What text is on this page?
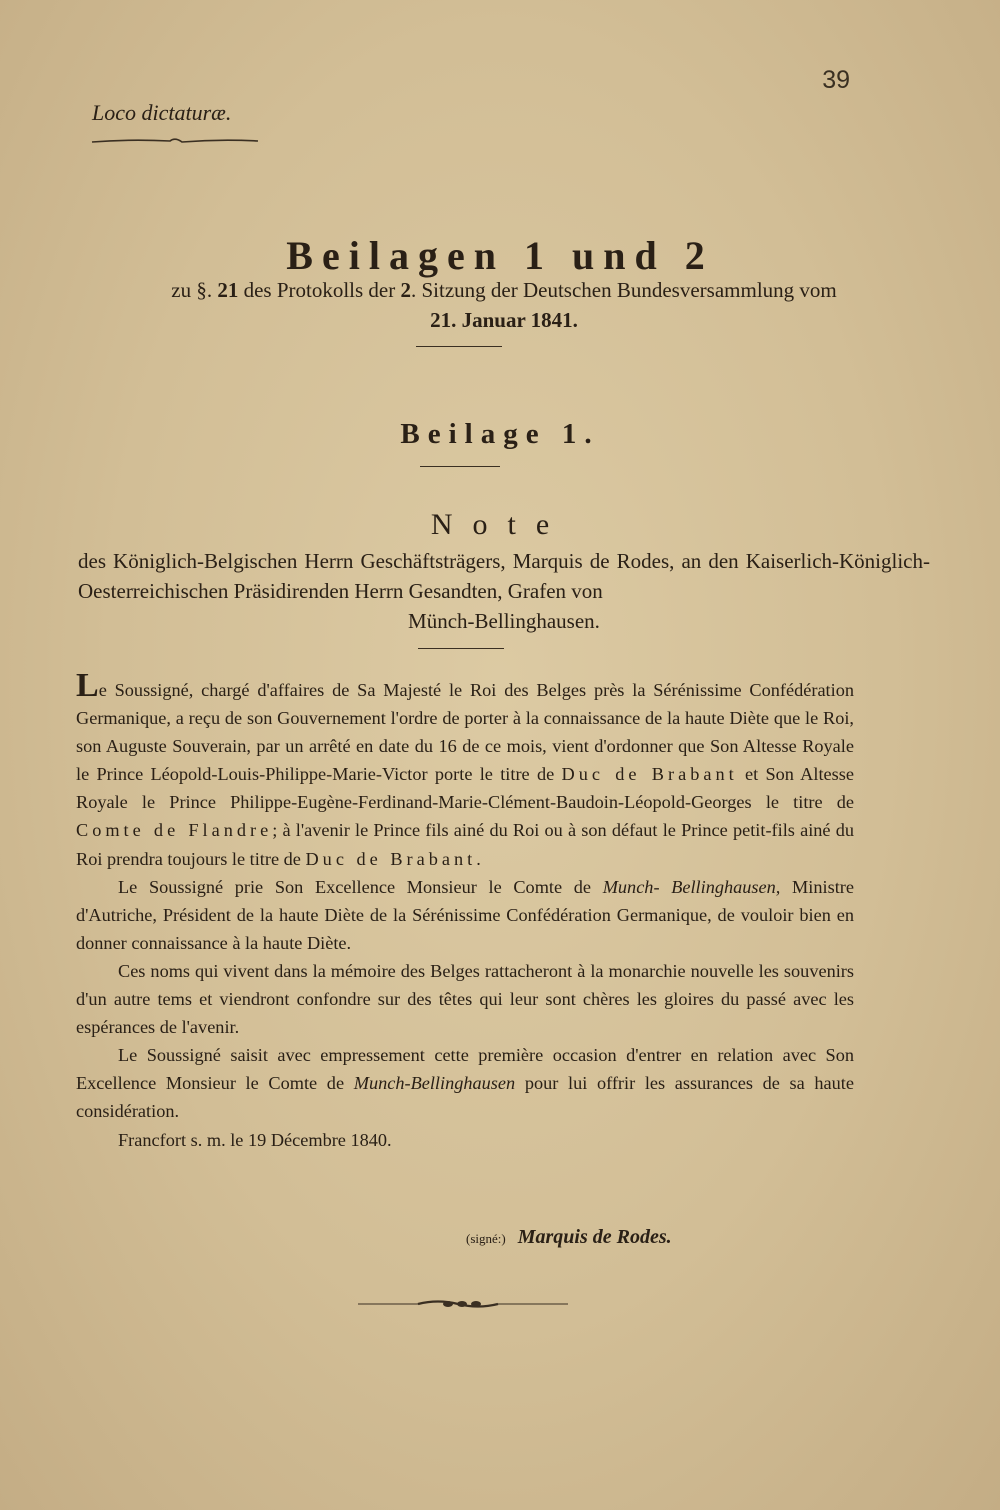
39
Loco dictaturæ.
Beilagen 1 und 2
zu §. 21 des Protokolls der 2. Sitzung der Deutschen Bundesversammlung vom
21. Januar 1841.
Beilage 1.
Note
des Königlich-Belgischen Herrn Geschäftsträgers, Marquis de Rodes, an den Kaiserlich-Königlich-Oesterreichischen Präsidirenden Herrn Gesandten, Grafen von
Münch-Bellinghausen.

Le Soussigné, chargé d'affaires de Sa Majesté le Roi des Belges près la Sérénissime Confédération Germanique, a reçu de son Gouvernement l'ordre de porter à la connaissance de la haute Diète que le Roi, son Auguste Souverain, par un arrêté en date du 16 de ce mois, vient d'ordonner que Son Altesse Royale le Prince Léopold-Louis-Philippe-Marie-Victor porte le titre de Duc de Brabant et Son Altesse Royale le Prince Philippe-Eugène-Ferdinand-Marie-Clément-Baudoin-Léopold-Georges le titre de Comte de Flandre; à l'avenir le Prince fils ainé du Roi ou à son défaut le Prince petit-fils ainé du Roi prendra toujours le titre de Duc de Brabant.

Le Soussigné prie Son Excellence Monsieur le Comte de Munch- Bellinghausen, Ministre d'Autriche, Président de la haute Diète de la Sérénissime Confédération Germanique, de vouloir bien en donner connaissance à la haute Diète.

Ces noms qui vivent dans la mémoire des Belges rattacheront à la monarchie nouvelle les souvenirs d'un autre tems et viendront confondre sur des têtes qui leur sont chères les gloires du passé avec les espérances de l'avenir.

Le Soussigné saisit avec empressement cette première occasion d'entrer en relation avec Son Excellence Monsieur le Comte de Munch-Bellinghausen pour lui offrir les assurances de sa haute considération.

Francfort s. m. le 19 Décembre 1840.

(signé:) Marquis de Rodes.
